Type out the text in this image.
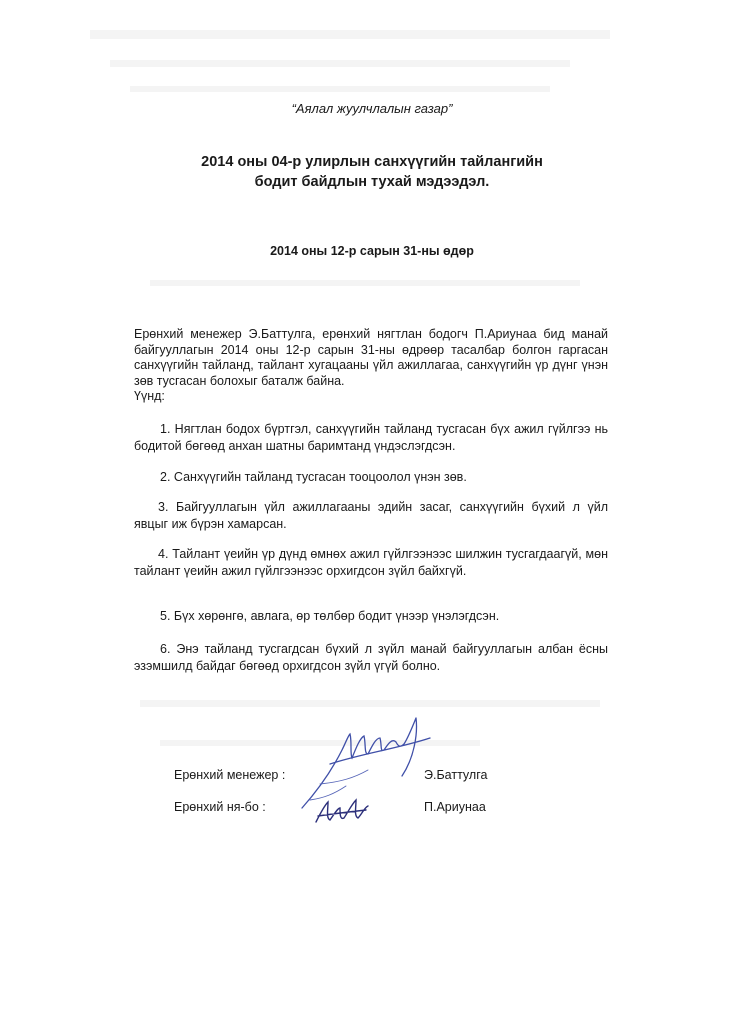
“Аялал жуулчлалын газар”
2014 оны 04-р улирлын санхүүгийн тайлангийн
бодит байдлын тухай мэдээдэл.
2014 оны 12-р сарын 31-ны өдөр

Ерөнхий менежер Э.Баттулга, ерөнхий нягтлан бодогч П.Ариунаа бид манай байгууллагын 2014 оны 12-р сарын 31-ны өдрөөр тасалбар болгон гаргасан санхүүгийн тайланд, тайлант хугацааны үйл ажиллагаа, санхүүгийн үр дүнг үнэн зөв тусгасан болохыг баталж байна.

Үүнд:

1. Нягтлан бодох бүртгэл, санхүүгийн тайланд тусгасан бүх ажил гүйлгээ нь бодитой бөгөөд анхан шатны баримтанд үндэслэгдсэн.
2. Санхүүгийн тайланд тусгасан тооцоолол үнэн зөв.
3. Байгууллагын үйл ажиллагааны эдийн засаг, санхүүгийн бүхий л үйл явцыг иж бүрэн хамарсан.
4. Тайлант үеийн үр дүнд өмнөх ажил гүйлгээнээс шилжин тусгагдаагүй, мөн тайлант үеийн ажил гүйлгээнээс орхигдсон зүйл байхгүй.
5. Бүх хөрөнгө, авлага, өр төлбөр бодит үнээр үнэлэгдсэн.
6. Энэ тайланд тусгагдсан бүхий л зүйл манай байгууллагын албан ёсны эзэмшилд байдаг бөгөөд орхигдсон зүйл үгүй болно.
Ерөнхий менежер :	Э.Баттулга
Ерөнхий ня-бо :	П.Ариунаа
